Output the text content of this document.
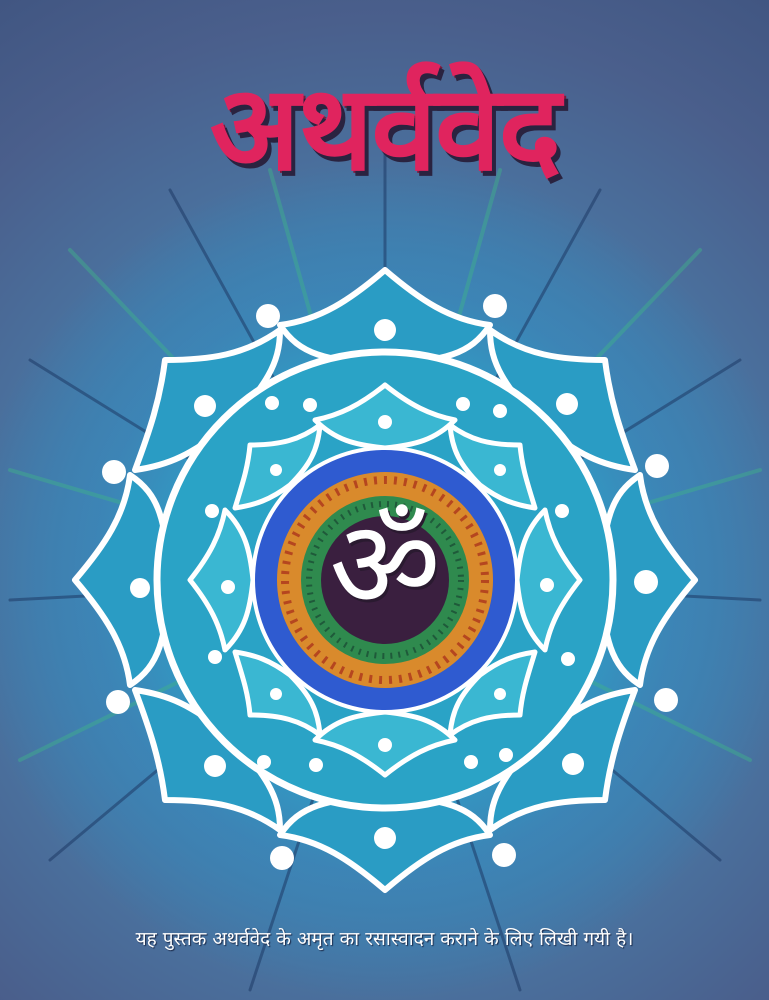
अथर्ववेद
ॐ
यह पुस्तक अथर्ववेद के अमृत का रसास्वादन कराने के लिए लिखी गयी है।
